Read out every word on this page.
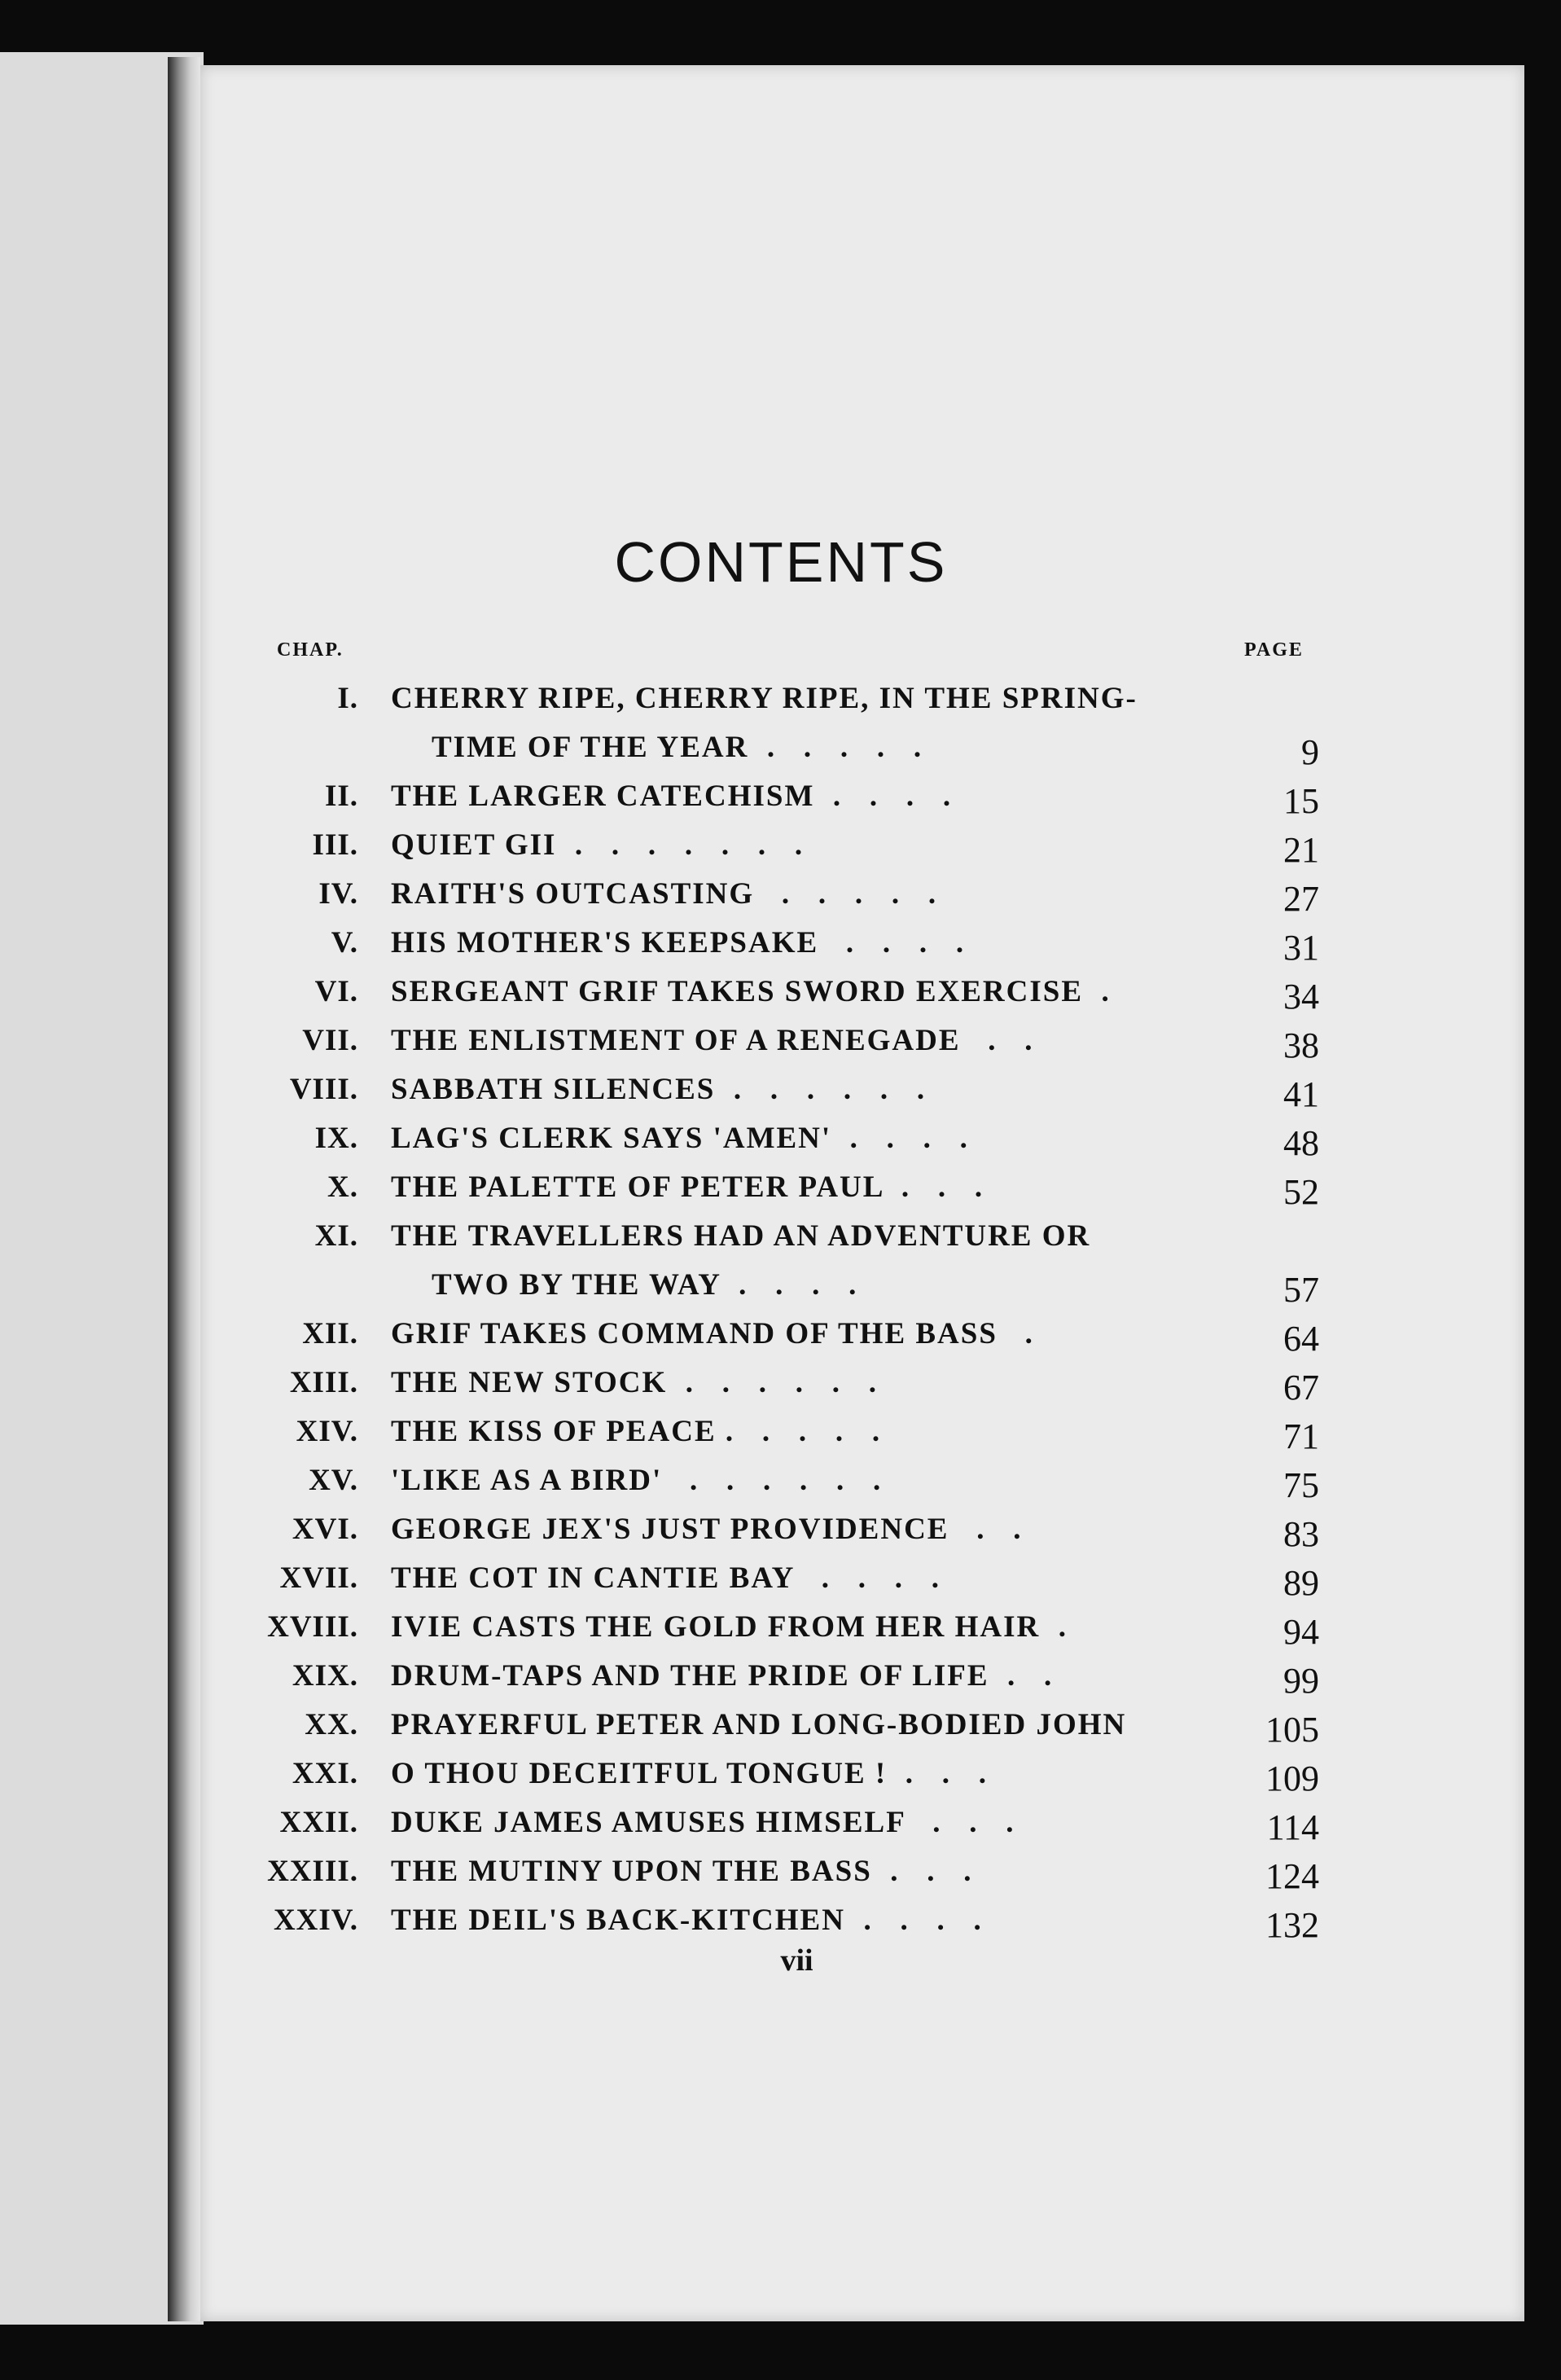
CONTENTS
CHAP.	PAGE
I. CHERRY RIPE, CHERRY RIPE, IN THE SPRING-
TIME OF THE YEAR  .   .   .   .   .	9
II. THE LARGER CATECHISM  .   .   .   .	15
III. QUIET GII  .   .   .   .   .   .   .	21
IV. RAITH'S OUTCASTING   .   .   .   .   .	27
V. HIS MOTHER'S KEEPSAKE   .   .   .   .	31
VI. SERGEANT GRIF TAKES SWORD EXERCISE  .	34
VII. THE ENLISTMENT OF A RENEGADE   .   .	38
VIII. SABBATH SILENCES  .   .   .   .   .   .	41
IX. LAG'S CLERK SAYS 'AMEN'  .   .   .   .	48
X. THE PALETTE OF PETER PAUL  .   .   .	52
XI. THE TRAVELLERS HAD AN ADVENTURE OR
TWO BY THE WAY  .   .   .   .	57
XII. GRIF TAKES COMMAND OF THE BASS   .	64
XIII. THE NEW STOCK  .   .   .   .   .   .	67
XIV. THE KISS OF PEACE .   .   .   .   .	71
XV. 'LIKE AS A BIRD'   .   .   .   .   .   .	75
XVI. GEORGE JEX'S JUST PROVIDENCE   .   .	83
XVII. THE COT IN CANTIE BAY   .   .   .   .	89
XVIII. IVIE CASTS THE GOLD FROM HER HAIR  .	94
XIX. DRUM-TAPS AND THE PRIDE OF LIFE  .   .	99
XX. PRAYERFUL PETER AND LONG-BODIED JOHN	105
XXI. O THOU DECEITFUL TONGUE !  .   .   .	109
XXII. DUKE JAMES AMUSES HIMSELF   .   .   .	114
XXIII. THE MUTINY UPON THE BASS  .   .   .	124
XXIV. THE DEIL'S BACK-KITCHEN  .   .   .   .	132
vii
